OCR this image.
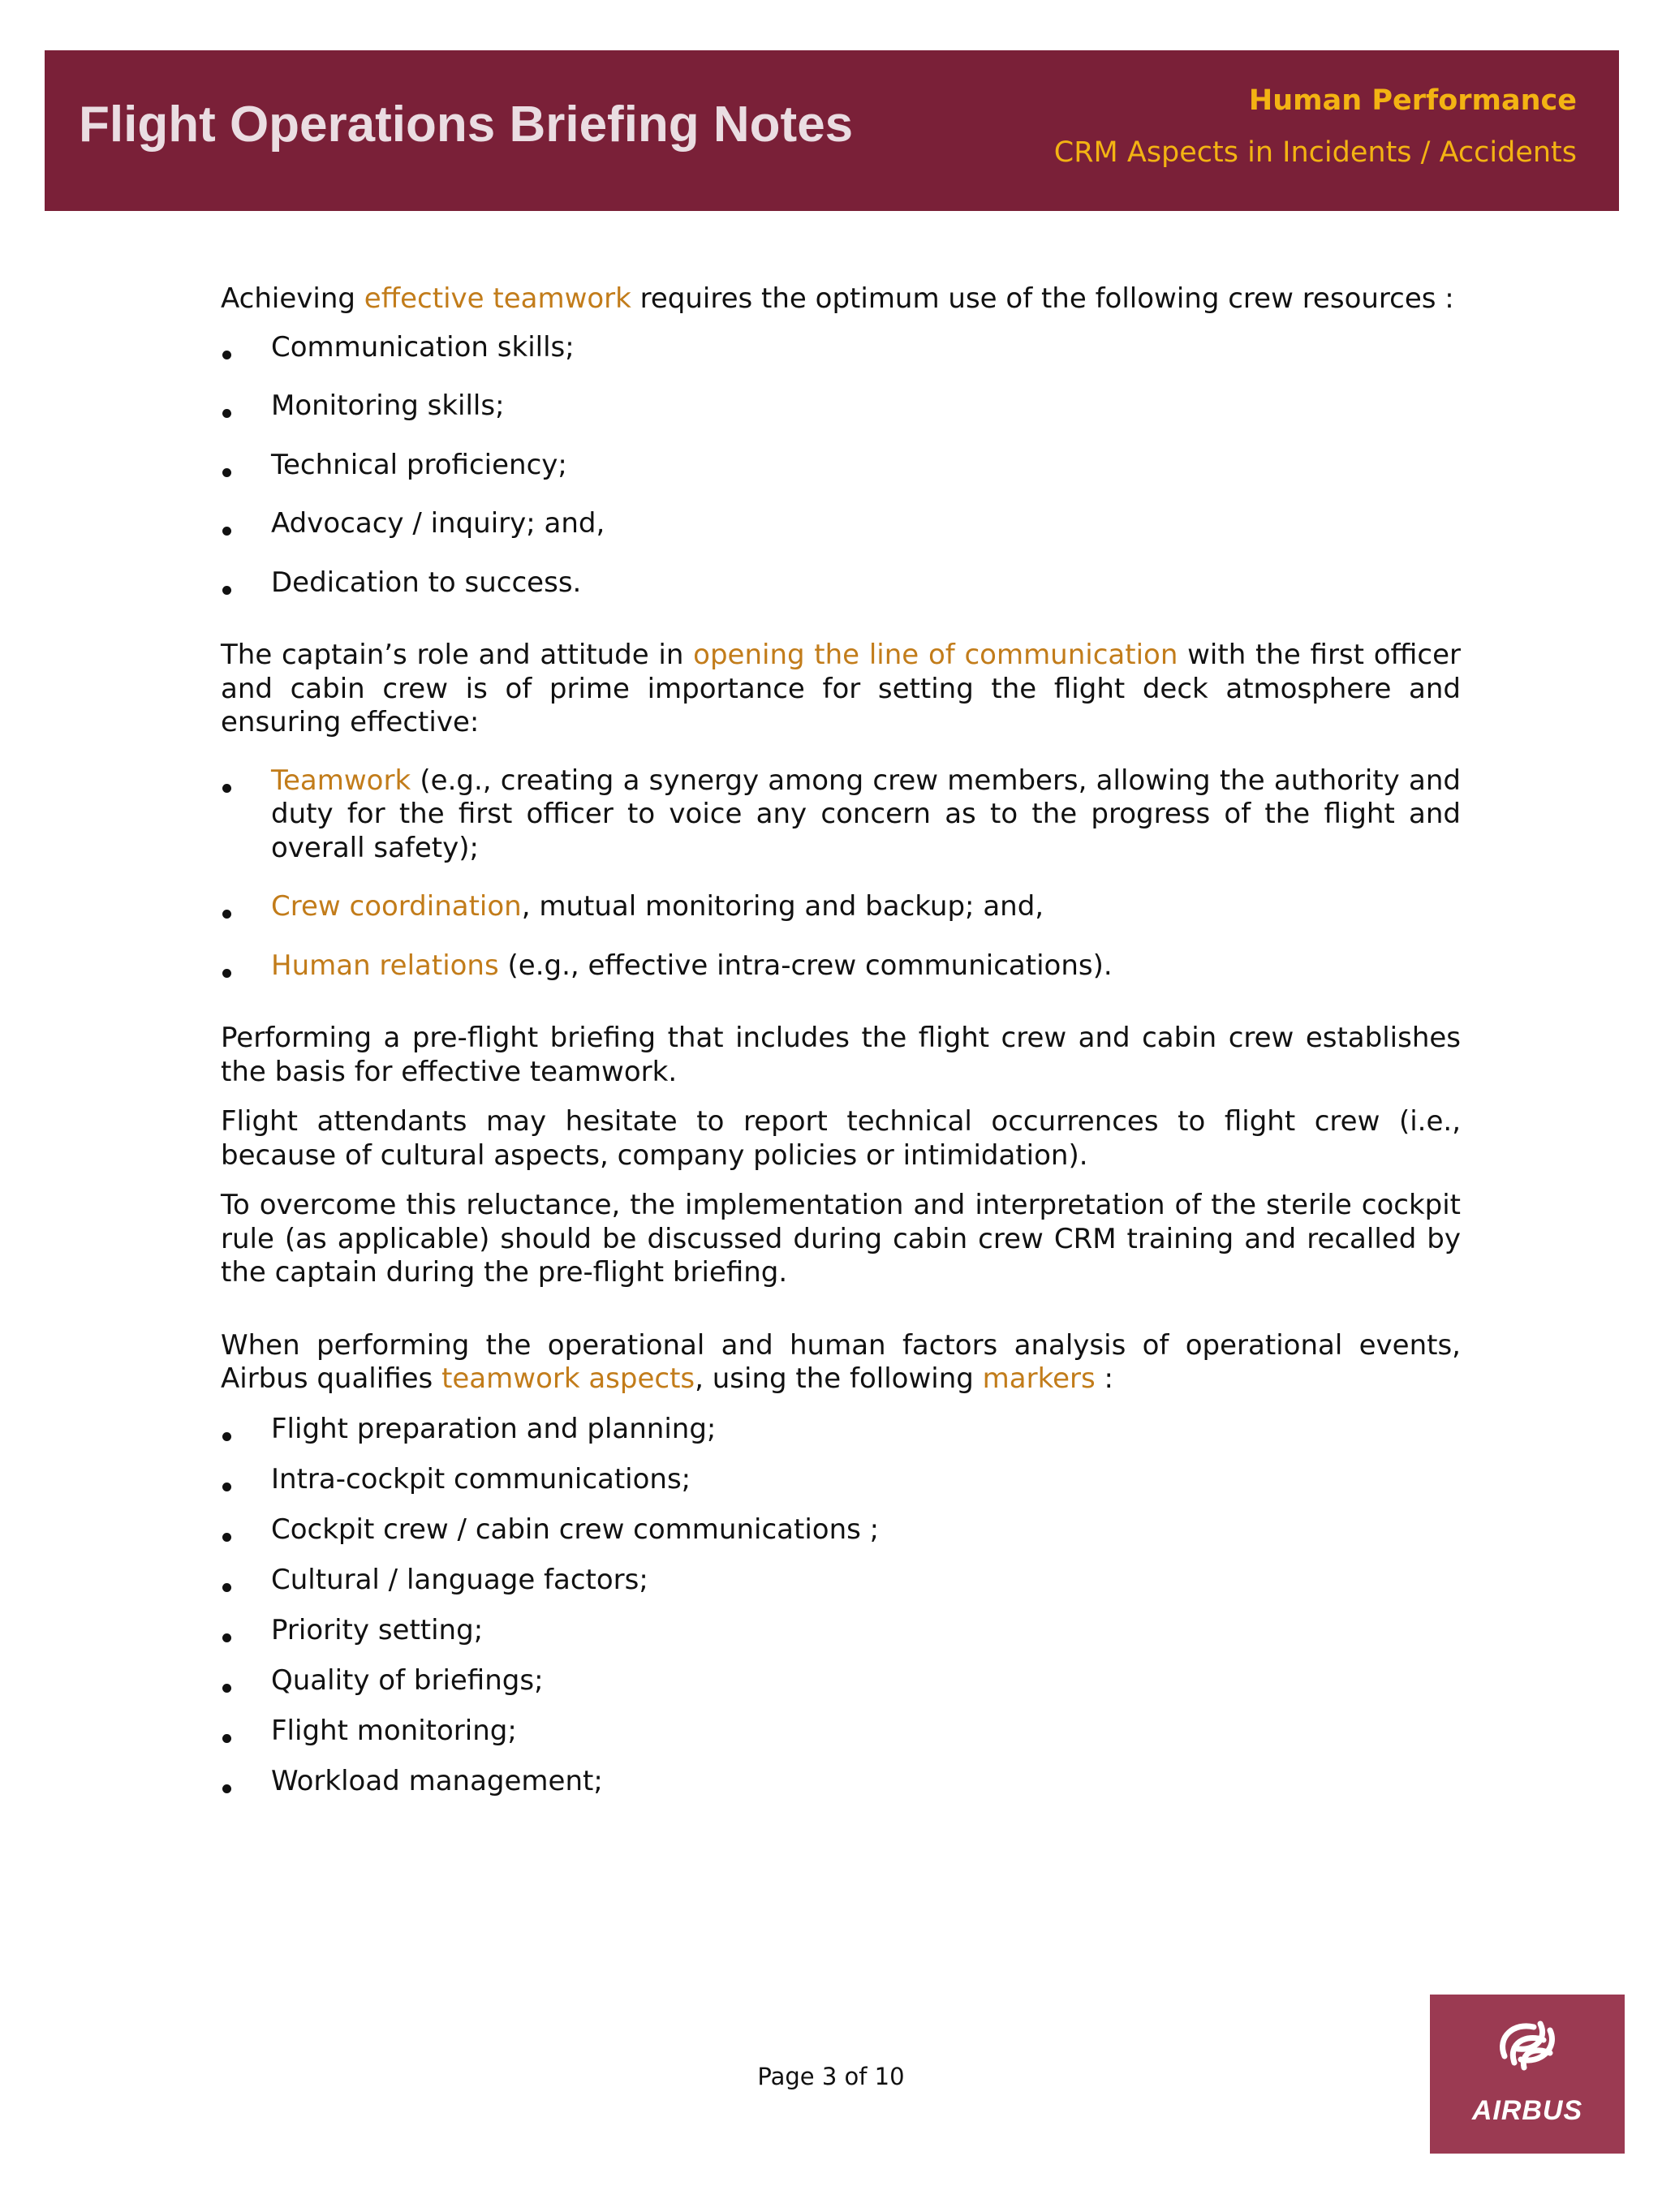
Flight Operations Briefing Notes	Human Performance
CRM Aspects in Incidents / Accidents

Achieving effective teamwork requires the optimum use of the following crew resources :

Communication skills;
Monitoring skills;
Technical proficiency;
Advocacy / inquiry; and,
Dedication to success.

The captain’s role and attitude in opening the line of communication with the first officer and cabin crew is of prime importance for setting the flight deck atmosphere and ensuring effective:

Teamwork (e.g., creating a synergy among crew members, allowing the authority and duty for the first officer to voice any concern as to the progress of the flight and overall safety);
Crew coordination, mutual monitoring and backup; and,
Human relations (e.g., effective intra-crew communications).

Performing a pre-flight briefing that includes the flight crew and cabin crew establishes the basis for effective teamwork.

Flight attendants may hesitate to report technical occurrences to flight crew (i.e., because of cultural aspects, company policies or intimidation).

To overcome this reluctance, the implementation and interpretation of the sterile cockpit rule (as applicable) should be discussed during cabin crew CRM training and recalled by the captain during the pre-flight briefing.

When performing the operational and human factors analysis of operational events, Airbus qualifies teamwork aspects, using the following markers :

Flight preparation and planning;
Intra-cockpit communications;
Cockpit crew / cabin crew communications ;
Cultural / language factors;
Priority setting;
Quality of briefings;
Flight monitoring;
Workload management;
Page 3 of 10
AIRBUS
